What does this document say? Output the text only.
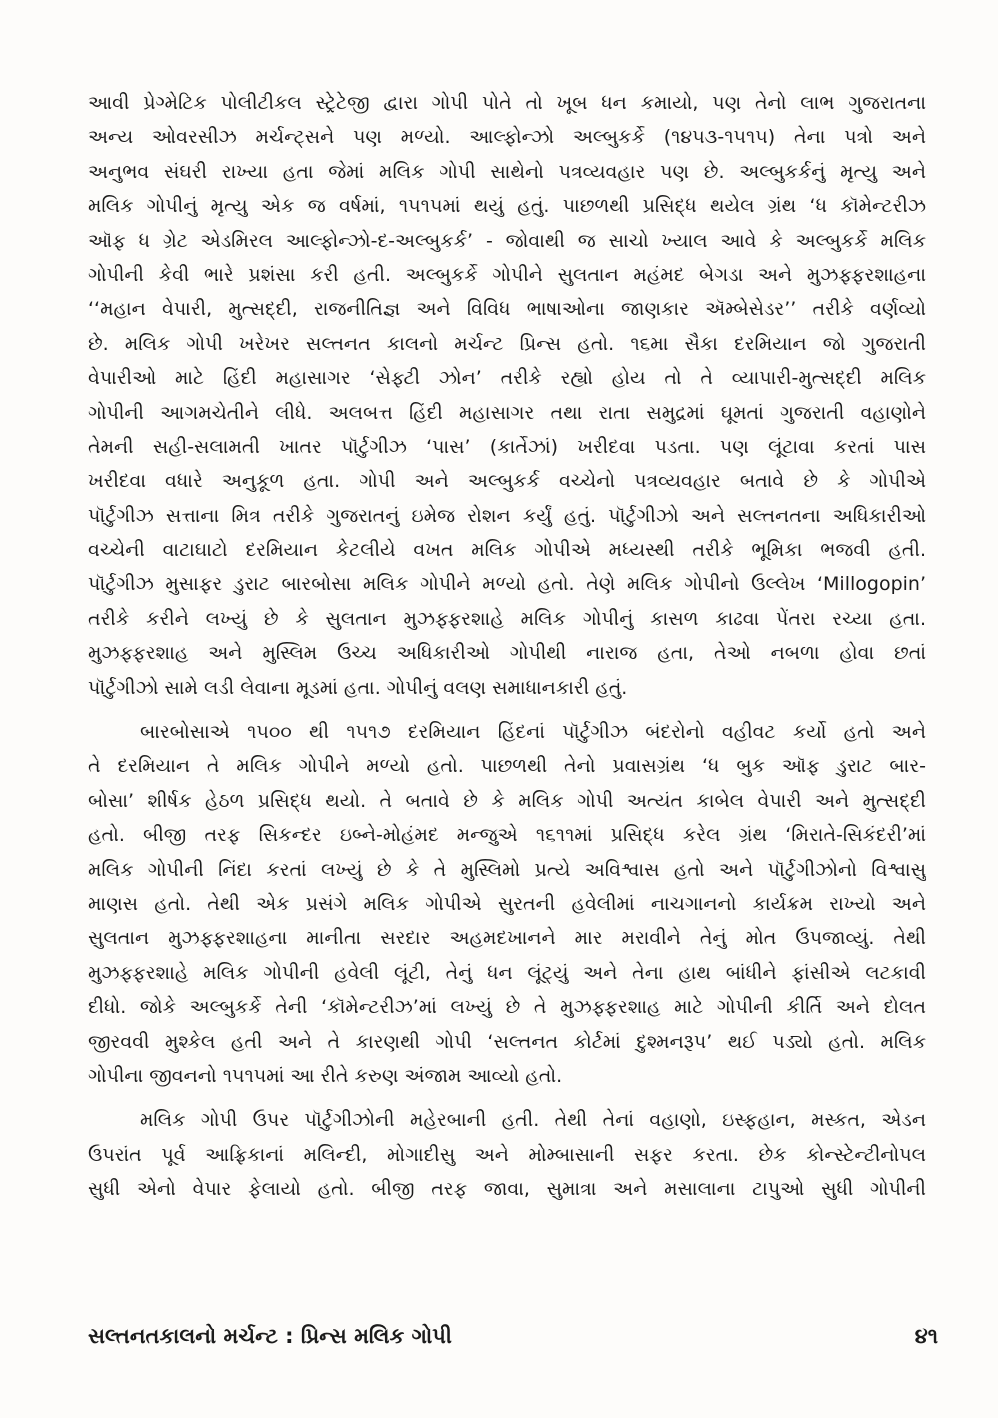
આવી પ્રેગ્મેટિક પોલીટીકલ સ્ટ્રેટેજી દ્વારા ગોપી પોતે તો ખૂબ ધન કમાયો, પણ તેનો લાભ ગુજરાતના
અન્ય ઓવરસીઝ મર્ચન્ટ્સને પણ મળ્યો. આલ્ફોન્ઝો અલ્બુકર્કે (૧૪૫૩-૧૫૧૫) તેના પત્રો અને
અનુભવ સંઘરી રાખ્યા હતા જેમાં મલિક ગોપી સાથેનો પત્રવ્યવહાર પણ છે. અલ્બુકર્કનું મૃત્યુ અને
મલિક ગોપીનું મૃત્યુ એક જ વર્ષમાં, ૧૫૧૫માં થયું હતું. પાછળથી પ્રસિદ્ધ થયેલ ગ્રંથ ‘ધ કૉમેન્ટરીઝ
ઑફ ધ ગ્રેટ એડમિરલ આલ્ફોન્ઝો-દ-અલ્બુકર્ક’ - જોવાથી જ સાચો ખ્યાલ આવે કે અલ્બુકર્કે મલિક
ગોપીની કેવી ભારે પ્રશંસા કરી હતી. અલ્બુકર્કે ગોપીને સુલતાન મહંમદ બેગડા અને મુઝફ્ફરશાહના
‘‘મહાન વેપારી, મુત્સદ્દી, રાજનીતિજ્ઞ અને વિવિધ ભાષાઓના જાણકાર ઍમ્બેસેડર’’ તરીકે વર્ણવ્યો
છે. મલિક ગોપી ખરેખર સલ્તનત કાલનો મર્ચન્ટ પ્રિન્સ હતો. ૧૬મા સૈકા દરમિયાન જો ગુજરાતી
વેપારીઓ માટે હિંદી મહાસાગર ‘સેફ્ટી ઝોન’ તરીકે રહ્યો હોય તો તે વ્યાપારી-મુત્સદ્દી મલિક
ગોપીની આગમચેતીને લીધે. અલબત્ત હિંદી મહાસાગર તથા રાતા સમુદ્રમાં ઘૂમતાં ગુજરાતી વહાણોને
તેમની સહી-સલામતી ખાતર પૉર્ટુગીઝ ‘પાસ’ (કાર્તેઝાં) ખરીદવા પડતા. પણ લૂંટાવા કરતાં પાસ
ખરીદવા વધારે અનુકૂળ હતા. ગોપી અને અલ્બુકર્ક વચ્ચેનો પત્રવ્યવહાર બતાવે છે કે ગોપીએ
પૉર્ટુગીઝ સત્તાના મિત્ર તરીકે ગુજરાતનું ઇમેજ રોશન કર્યું હતું. પૉર્ટુગીઝો અને સલ્તનતના અધિકારીઓ
વચ્ચેની વાટાઘાટો દરમિયાન કેટલીયે વખત મલિક ગોપીએ મધ્યસ્થી તરીકે ભૂમિકા ભજવી હતી.
પૉર્ટુગીઝ મુસાફર ડુરાટ બારબોસા મલિક ગોપીને મળ્યો હતો. તેણે મલિક ગોપીનો ઉલ્લેખ ‘Millogopin’
તરીકે કરીને લખ્યું છે કે સુલતાન મુઝફ્ફરશાહે મલિક ગોપીનું કાસળ કાઢવા પેંતરા રચ્યા હતા.
મુઝફ્ફરશાહ અને મુસ્લિમ ઉચ્ચ અધિકારીઓ ગોપીથી નારાજ હતા, તેઓ નબળા હોવા છતાં
પૉર્ટુગીઝો સામે લડી લેવાના મૂડમાં હતા. ગોપીનું વલણ સમાધાનકારી હતું.
બારબોસાએ ૧૫૦૦ થી ૧૫૧૭ દરમિયાન હિંદનાં પૉર્ટુગીઝ બંદરોનો વહીવટ કર્યો હતો અને
તે દરમિયાન તે મલિક ગોપીને મળ્યો હતો. પાછળથી તેનો પ્રવાસગ્રંથ ‘ધ બુક ઑફ ડુરાટ બાર-
બોસા’ શીર્ષક હેઠળ પ્રસિદ્ધ થયો. તે બતાવે છે કે મલિક ગોપી અત્યંત કાબેલ વેપારી અને મુત્સદ્દી
હતો. બીજી તરફ સિકન્દર ઇબ્ને-મોહંમદ મન્જુએ ૧૬૧૧માં પ્રસિદ્ધ કરેલ ગ્રંથ ‘મિરાતે-સિકંદરી’માં
મલિક ગોપીની નિંદા કરતાં લખ્યું છે કે તે મુસ્લિમો પ્રત્યે અવિશ્વાસ હતો અને પૉર્ટુગીઝોનો વિશ્વાસુ
માણસ હતો. તેથી એક પ્રસંગે મલિક ગોપીએ સુરતની હવેલીમાં નાચગાનનો કાર્યક્રમ રાખ્યો અને
સુલતાન મુઝફ્ફરશાહના માનીતા સરદાર અહમદખાનને માર મરાવીને તેનું મોત ઉપજાવ્યું. તેથી
મુઝફ્ફરશાહે મલિક ગોપીની હવેલી લૂંટી, તેનું ધન લૂંટ્યું અને તેના હાથ બાંધીને ફાંસીએ લટકાવી
દીધો. જોકે અલ્બુકર્કે તેની ‘કૉમેન્ટરીઝ’માં લખ્યું છે તે મુઝફ્ફરશાહ માટે ગોપીની કીર્તિ અને દોલત
જીરવવી મુશ્કેલ હતી અને તે કારણથી ગોપી ‘સલ્તનત કોર્ટમાં દુશ્મનરૂપ’ થઈ પડ્યો હતો. મલિક
ગોપીના જીવનનો ૧૫૧૫માં આ રીતે કરુણ અંજામ આવ્યો હતો.
મલિક ગોપી ઉપર પૉર્ટુગીઝોની મહેરબાની હતી. તેથી તેનાં વહાણો, ઇસ્ફહાન, મસ્કત, એડન
ઉપરાંત પૂર્વ આફ્રિકાનાં મલિન્દી, મોગાદીસુ અને મોમ્બાસાની સફર કરતા. છેક કોન્સ્ટેન્ટીનોપલ
સુધી એનો વેપાર ફેલાયો હતો. બીજી તરફ જાવા, સુમાત્રા અને મસાલાના ટાપુઓ સુધી ગોપીની
સલ્તનતકાલનો મર્ચન્ટ : પ્રિન્સ મલિક ગોપી	૪૧
